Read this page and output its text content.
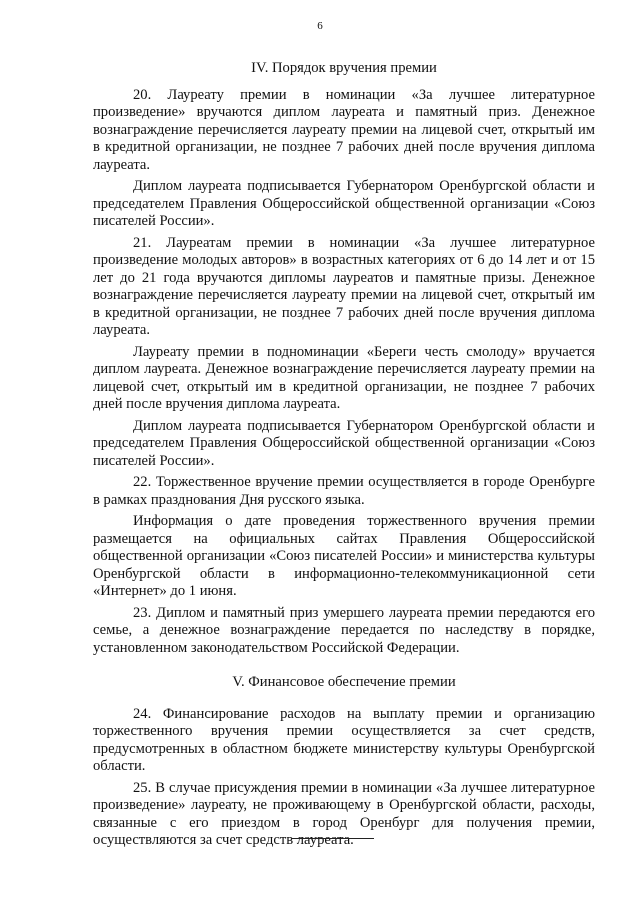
6

IV. Порядок вручения премии

20. Лауреату премии в номинации «За лучшее литературное произведение» вручаются диплом лауреата и памятный приз. Денежное вознаграждение перечисляется лауреату премии на лицевой счет, открытый им в кредитной организации, не позднее 7 рабочих дней после вручения диплома лауреата.

Диплом лауреата подписывается Губернатором Оренбургской области и председателем Правления Общероссийской общественной организации «Союз писателей России».

21. Лауреатам премии в номинации «За лучшее литературное произведение молодых авторов» в возрастных категориях от 6 до 14 лет и от 15 лет до 21 года вручаются дипломы лауреатов и памятные призы. Денежное вознаграждение перечисляется лауреату премии на лицевой счет, открытый им в кредитной организации, не позднее 7 рабочих дней после вручения диплома лауреата.

Лауреату премии в подноминации «Береги честь смолоду» вручается диплом лауреата. Денежное вознаграждение перечисляется лауреату премии на лицевой счет, открытый им в кредитной организации, не позднее 7 рабочих дней после вручения диплома лауреата.

Диплом лауреата подписывается Губернатором Оренбургской области и председателем Правления Общероссийской общественной организации «Союз писателей России».

22. Торжественное вручение премии осуществляется в городе Оренбурге в рамках празднования Дня русского языка.

Информация о дате проведения торжественного вручения премии размещается на официальных сайтах Правления Общероссийской общественной организации «Союз писателей России» и министерства культуры Оренбургской области в информационно-телекоммуникационной сети «Интернет» до 1 июня.

23. Диплом и памятный приз умершего лауреата премии передаются его семье, а денежное вознаграждение передается по наследству в порядке, установленном законодательством Российской Федерации.

V. Финансовое обеспечение премии

24. Финансирование расходов на выплату премии и организацию торжественного вручения премии осуществляется за счет средств, предусмотренных в областном бюджете министерству культуры Оренбургской области.

25. В случае присуждения премии в номинации «За лучшее литературное произведение» лауреату, не проживающему в Оренбургской области, расходы, связанные с его приездом в город Оренбург для получения премии, осуществляются за счет средств лауреата.
